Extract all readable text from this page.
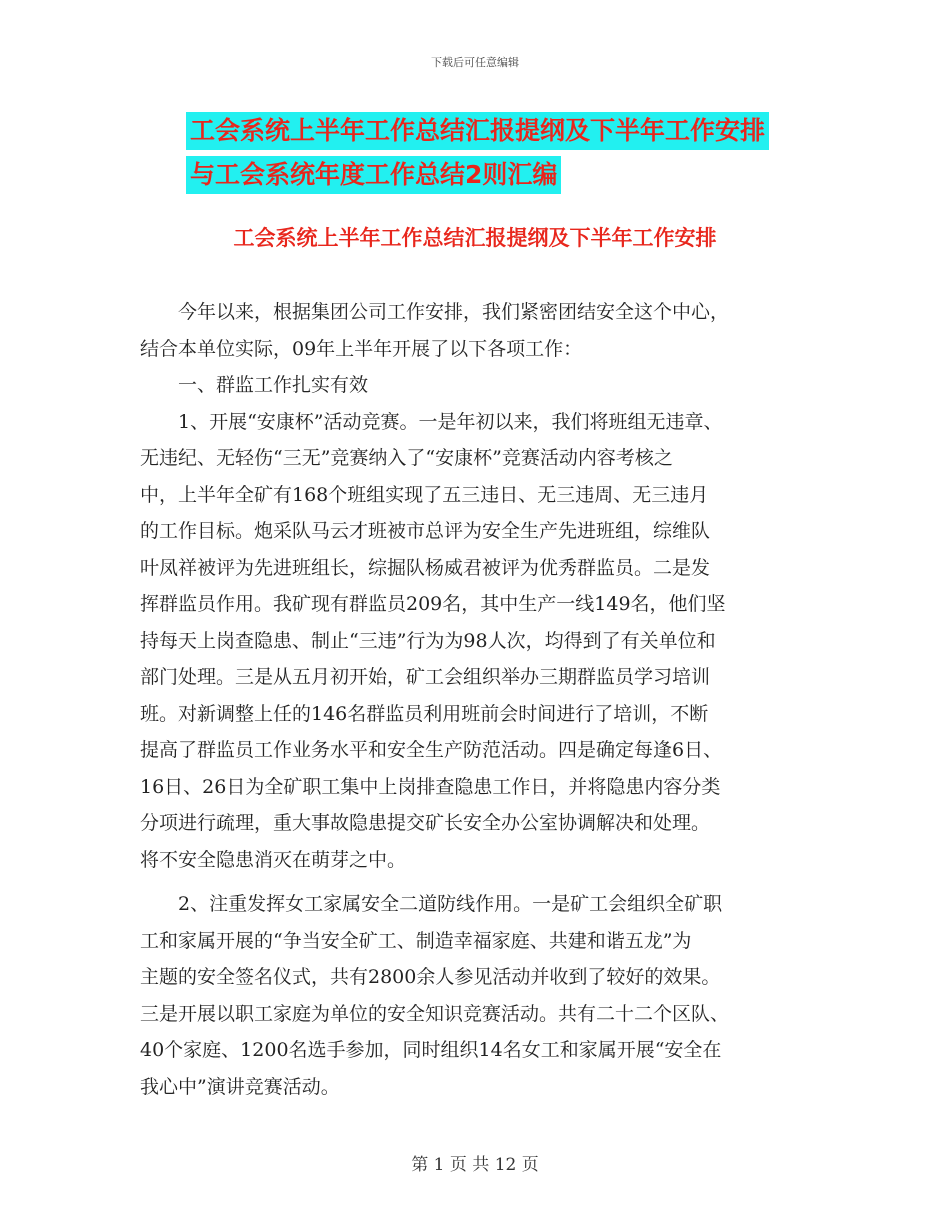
下载后可任意编辑
工会系统上半年工作总结汇报提纲及下半年工作安排
与工会系统年度工作总结2则汇编
工会系统上半年工作总结汇报提纲及下半年工作安排
　　今年以来，根据集团公司工作安排，我们紧密团结安全这个中心，
结合本单位实际，09年上半年开展了以下各项工作：
　　一、群监工作扎实有效
　　1、开展“安康杯”活动竞赛。一是年初以来，我们将班组无违章、
无违纪、无轻伤“三无”竞赛纳入了“安康杯”竞赛活动内容考核之
中，上半年全矿有168个班组实现了五三违日、无三违周、无三违月
的工作目标。炮采队马云才班被市总评为安全生产先进班组，综维队
叶凤祥被评为先进班组长，综掘队杨威君被评为优秀群监员。二是发
挥群监员作用。我矿现有群监员209名，其中生产一线149名，他们坚
持每天上岗查隐患、制止“三违”行为为98人次，均得到了有关单位和
部门处理。三是从五月初开始，矿工会组织举办三期群监员学习培训
班。对新调整上任的146名群监员利用班前会时间进行了培训，不断
提高了群监员工作业务水平和安全生产防范活动。四是确定每逢6日、
16日、26日为全矿职工集中上岗排查隐患工作日，并将隐患内容分类
分项进行疏理，重大事故隐患提交矿长安全办公室协调解决和处理。
将不安全隐患消灭在萌芽之中。
　　2、注重发挥女工家属安全二道防线作用。一是矿工会组织全矿职
工和家属开展的“争当安全矿工、制造幸福家庭、共建和谐五龙”为
主题的安全签名仪式，共有2800余人参见活动并收到了较好的效果。
三是开展以职工家庭为单位的安全知识竞赛活动。共有二十二个区队、
40个家庭、1200名选手参加，同时组织14名女工和家属开展“安全在
我心中”演讲竞赛活动。
第 1 页 共 12 页
